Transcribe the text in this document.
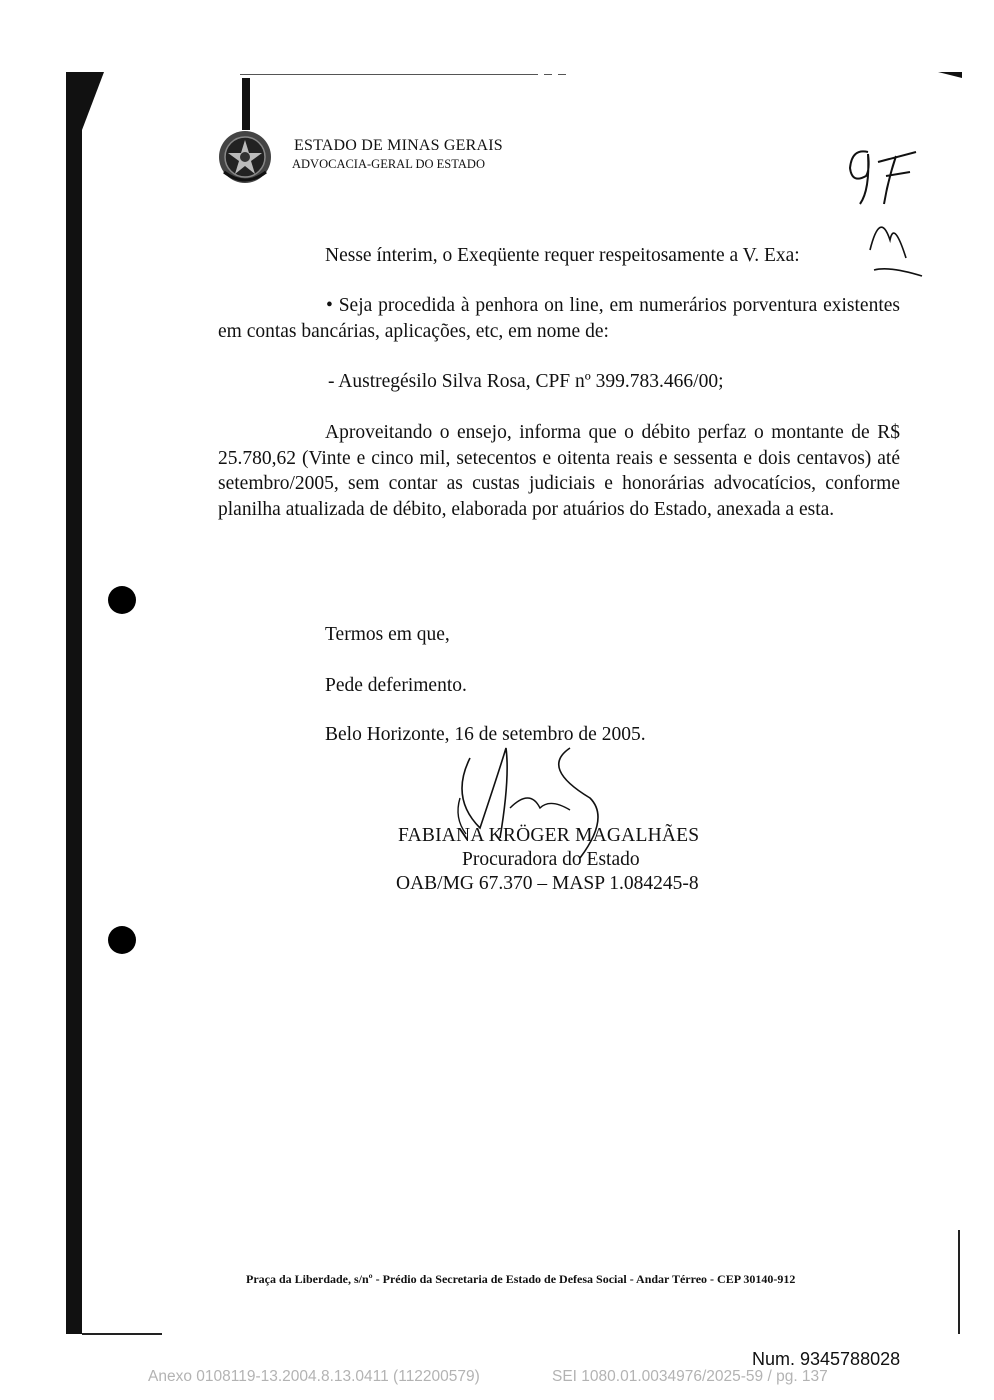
ESTADO DE MINAS GERAIS
ADVOCACIA-GERAL DO ESTADO
Nesse ínterim, o Exeqüente requer respeitosamente a V. Exa:
• Seja procedida à penhora on line, em numerários porventura existentes em contas bancárias, aplicações, etc, em nome de:
- Austregésilo Silva Rosa, CPF nº 399.783.466/00;
Aproveitando o ensejo, informa que o débito perfaz o montante de R$ 25.780,62 (Vinte e cinco mil, setecentos e oitenta reais e sessenta e dois centavos) até setembro/2005, sem contar as custas judiciais e honorárias advocatícios, conforme planilha atualizada de débito, elaborada por atuários do Estado, anexada a esta.
Termos em que,
Pede deferimento.
Belo Horizonte, 16 de setembro de 2005.
FABIANA KRÖGER MAGALHÃES
Procuradora do Estado
OAB/MG 67.370 – MASP 1.084245-8
Praça da Liberdade, s/nº - Prédio da Secretaria de Estado de Defesa Social - Andar Térreo - CEP 30140-912
Num. 9345788028
Anexo 0108119-13.2004.8.13.0411 (112200579)	SEI 1080.01.0034976/2025-59 / pg. 137
